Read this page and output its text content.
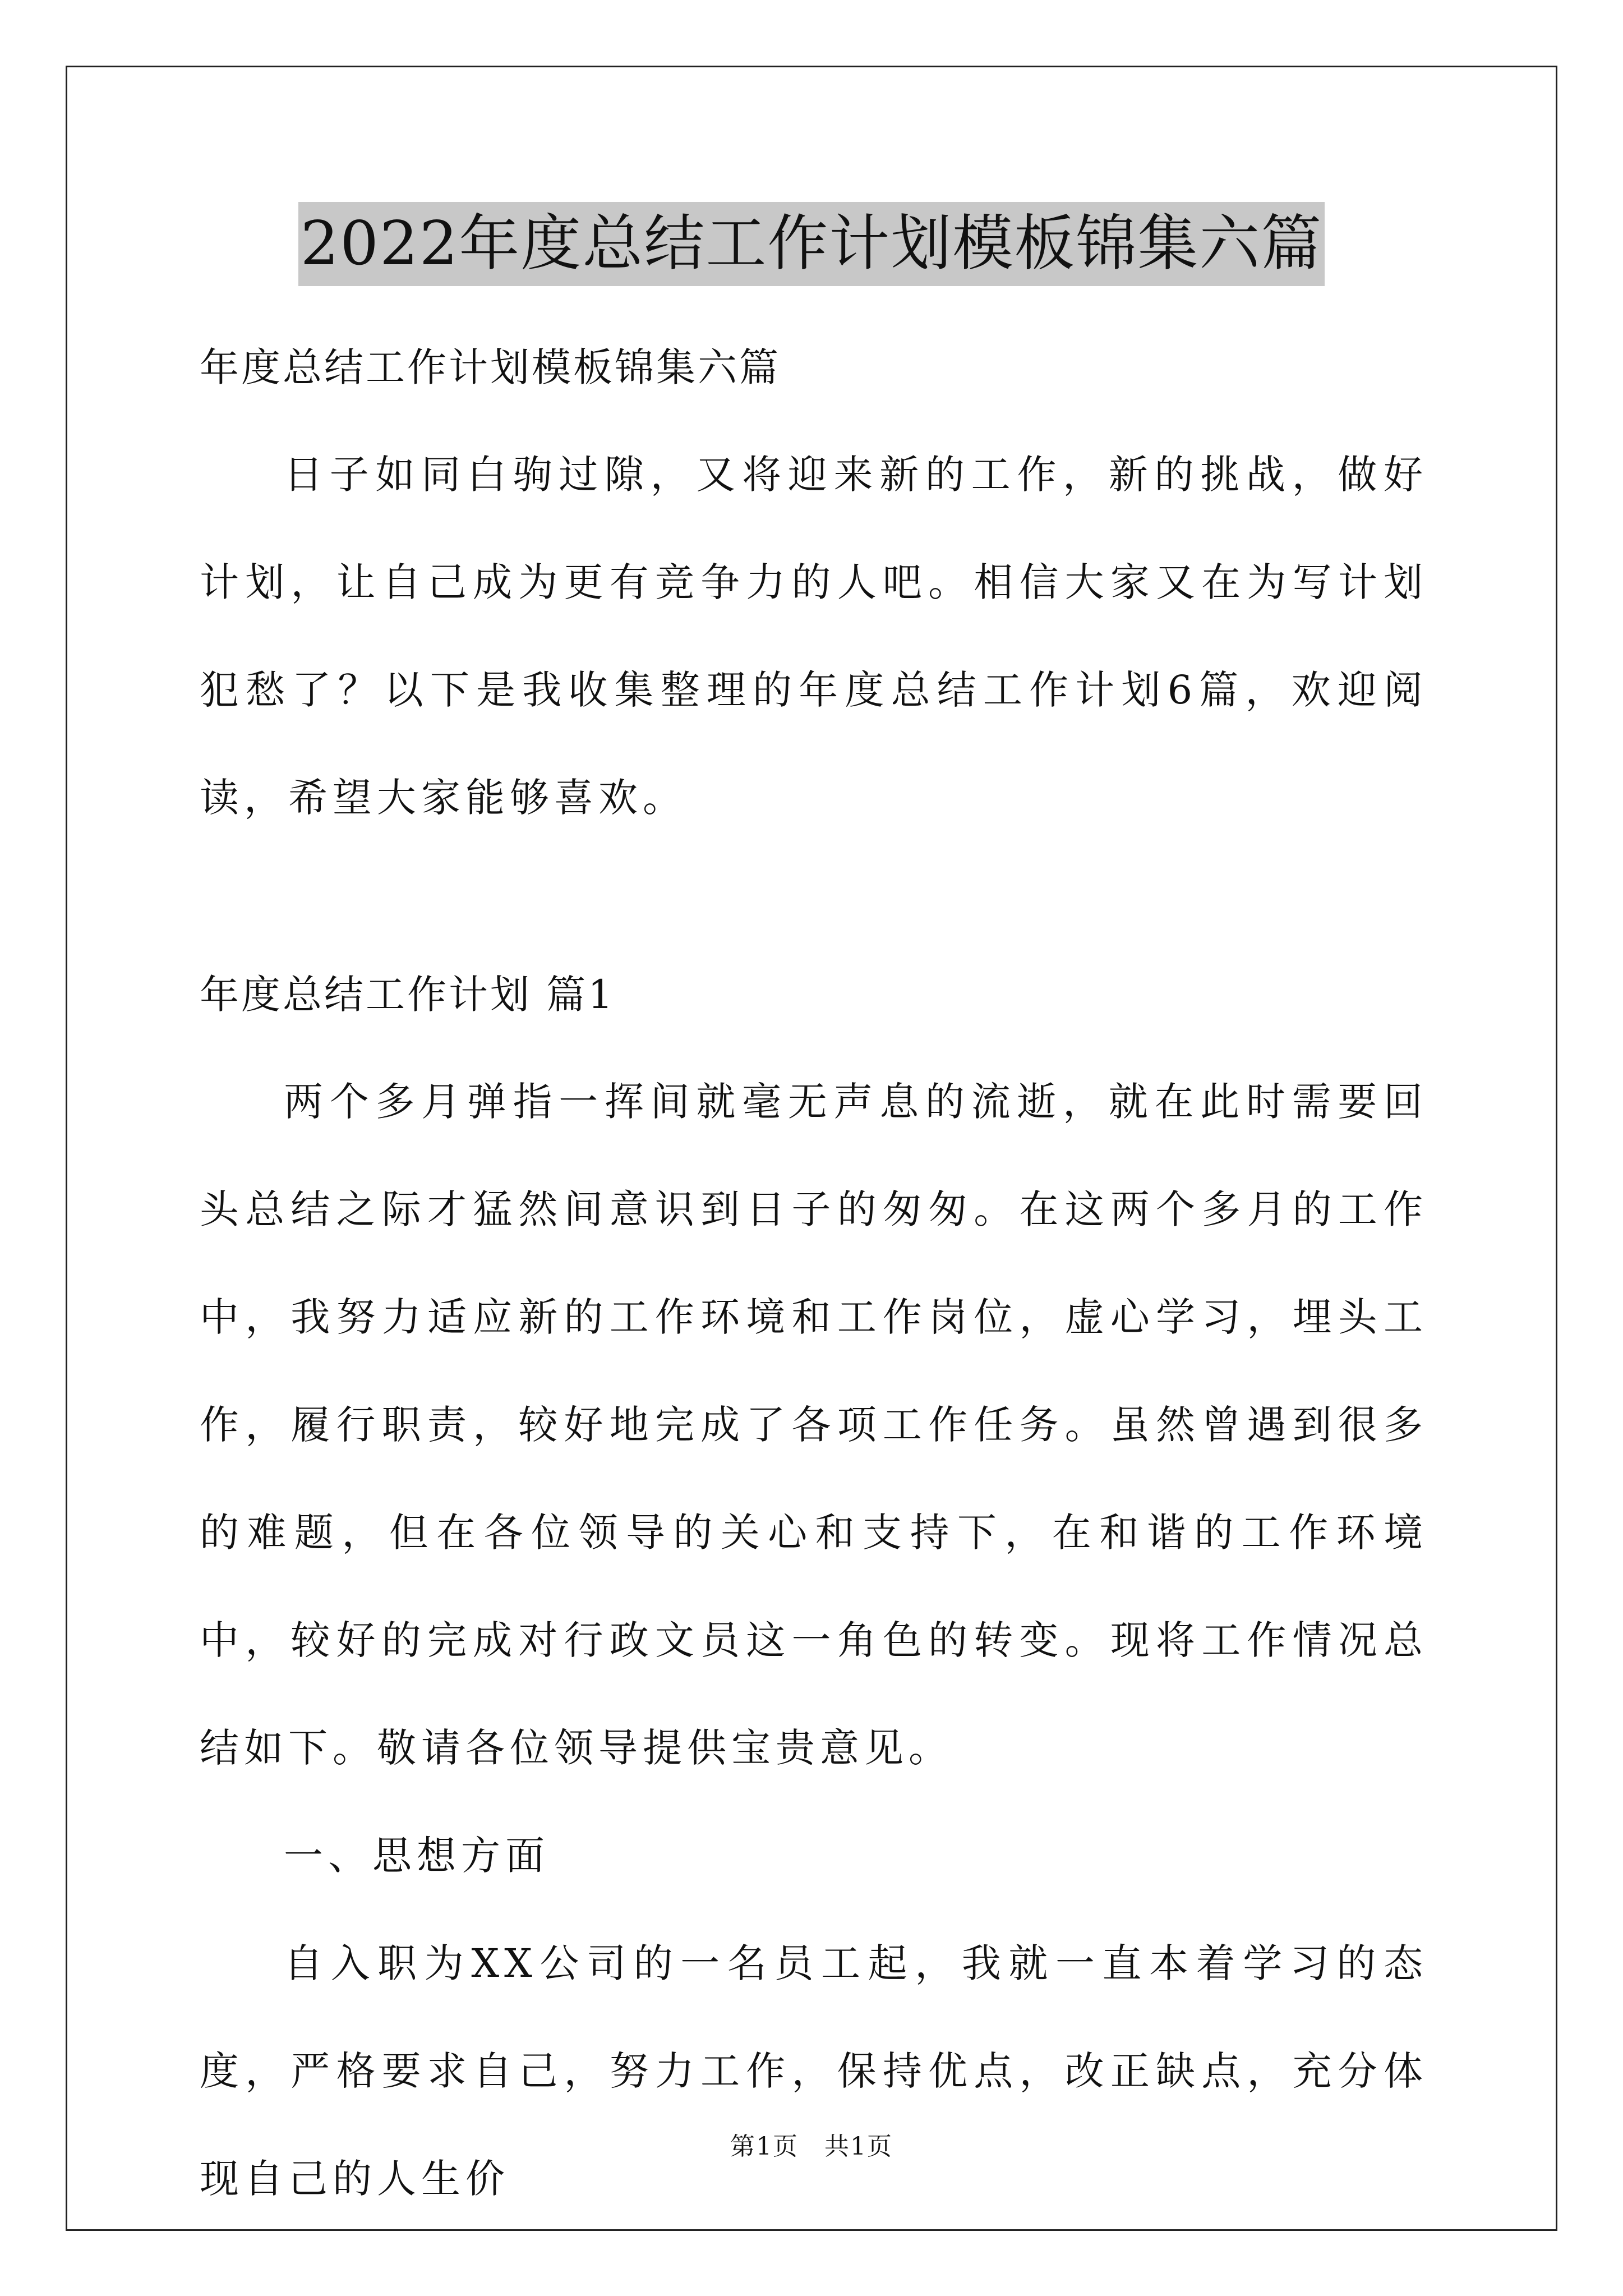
2022年度总结工作计划模板锦集六篇

年度总结工作计划模板锦集六篇

日子如同白驹过隙，又将迎来新的工作，新的挑战，做好计划，让自己成为更有竞争力的人吧。相信大家又在为写计划犯愁了？以下是我收集整理的年度总结工作计划6篇，欢迎阅读，希望大家能够喜欢。

年度总结工作计划 篇1

两个多月弹指一挥间就毫无声息的流逝，就在此时需要回头总结之际才猛然间意识到日子的匆匆。在这两个多月的工作中，我努力适应新的工作环境和工作岗位，虚心学习，埋头工作，履行职责，较好地完成了各项工作任务。虽然曾遇到很多的难题，但在各位领导的关心和支持下，在和谐的工作环境中，较好的完成对行政文员这一角色的转变。现将工作情况总结如下。敬请各位领导提供宝贵意见。

一、思想方面

自入职为XX公司的一名员工起，我就一直本着学习的态度，严格要求自己，努力工作，保持优点，改正缺点，充分体现自己的人生价

第1页　共1页
